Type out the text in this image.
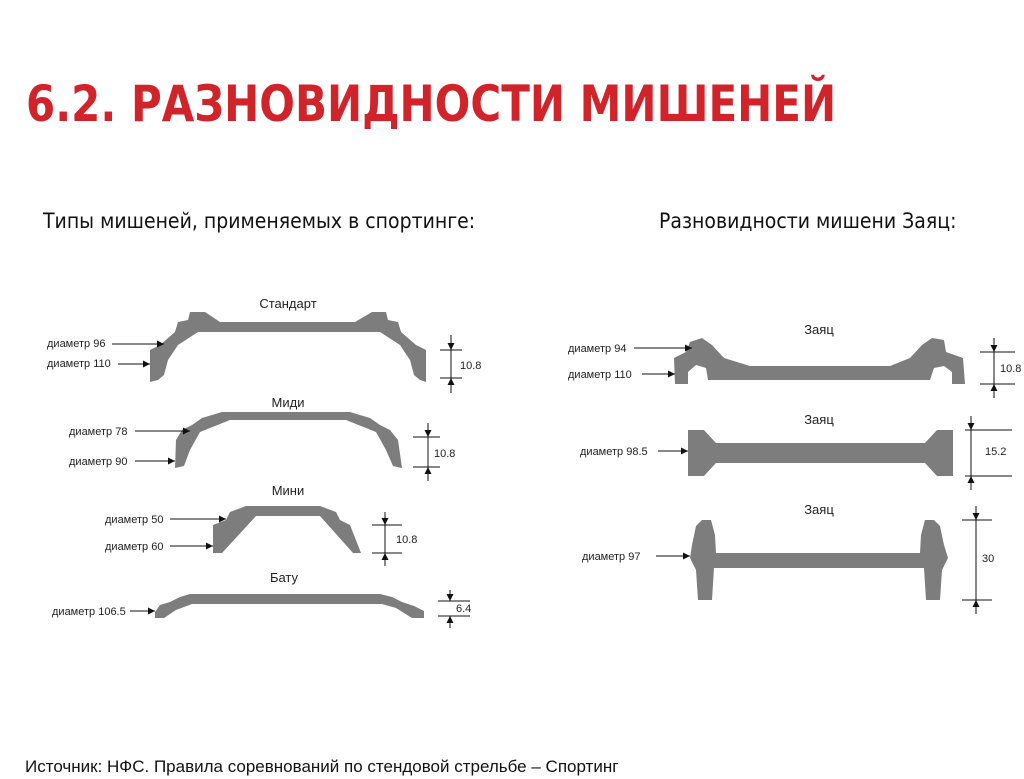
6.2. РАЗНОВИДНОСТИ МИШЕНЕЙ

Типы мишеней, применяемых в спортинге:	Разновидности мишени Заяц:

Стандарт
диаметр 96
диаметр 110	10.8
Миди
диаметр 78
диаметр 90
10.8
Мини
диаметр 50
диаметр 60
10.8
Бату
диаметр 106.5	6.4
Заяц
диаметр 94
диаметр 110	10.8
Заяц
диаметр 98.5	15.2
Заяц
диаметр 97	30

Источник: НФС. Правила соревнований по стендовой стрельбе – Спортинг
